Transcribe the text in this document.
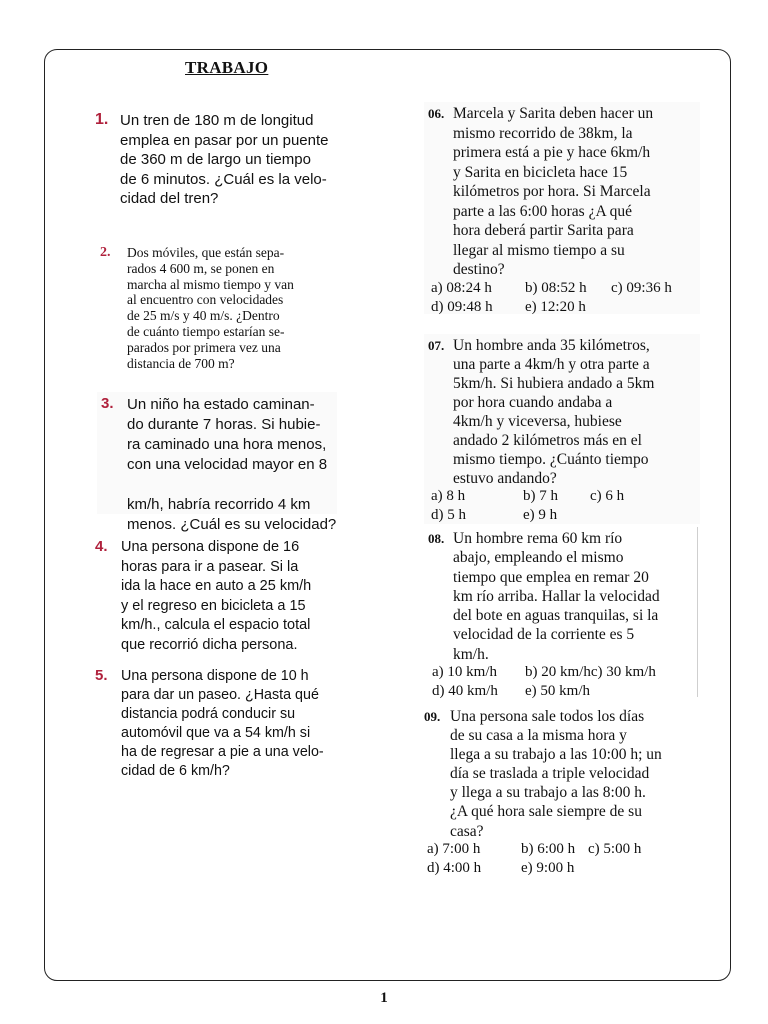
TRABAJO
1. Un tren de 180 m de longitud
emplea en pasar por un puente
de 360 m de largo un tiempo
de 6 minutos. ¿Cuál es la velo-
cidad del tren?

2. Dos móviles, que están sepa-
rados 4 600 m, se ponen en
marcha al mismo tiempo y van
al encuentro con velocidades
de 25 m/s y 40 m/s. ¿Dentro
de cuánto tiempo estarían se-
parados por primera vez una
distancia de 700 m?

3. Un niño ha estado caminan-
do durante 7 horas. Si hubie-
ra caminado una hora menos,
con una velocidad mayor en 8

km/h, habría recorrido 4 km
menos. ¿Cuál es su velocidad?

4. Una persona dispone de 16
horas para ir a pasear. Si la
ida la hace en auto a 25 km/h
y el regreso en bicicleta a 15
km/h., calcula el espacio total
que recorrió dicha persona.

5. Una persona dispone de 10 h
para dar un paseo. ¿Hasta qué
distancia podrá conducir su
automóvil que va a 54 km/h si
ha de regresar a pie a una velo-
cidad de 6 km/h?

06. Marcela y Sarita deben hacer un
mismo recorrido de 38km, la
primera está a pie y hace 6km/h
y Sarita en bicicleta hace 15
kilómetros por hora. Si Marcela
parte a las 6:00 horas ¿A qué
hora deberá partir Sarita para
llegar al mismo tiempo a su
destino?

a) 08:24 h b) 08:52 h c) 09:36 h
d) 09:48 h e) 12:20 h
07. Un hombre anda 35 kilómetros,
una parte a 4km/h y otra parte a
5km/h. Si hubiera andado a 5km
por hora cuando andaba a
4km/h y viceversa, hubiese
andado 2 kilómetros más en el
mismo tiempo. ¿Cuánto tiempo
estuvo andando?

a) 8 h	b) 7 h c) 6 h
d) 5 h	e) 9 h
08. Un hombre rema 60 km río
abajo, empleando el mismo
tiempo que emplea en remar 20
km río arriba. Hallar la velocidad
del bote en aguas tranquilas, si la
velocidad de la corriente es 5
km/h.

a) 10 km/h b) 20 km/hc) 30 km/h
d) 40 km/h e) 50 km/h
09. Una persona sale todos los días
de su casa a la misma hora y
llega a su trabajo a las 10:00 h; un
día se traslada a triple velocidad
y llega a su trabajo a las 8:00 h.
¿A qué hora sale siempre de su
casa?

a) 7:00 h	b) 6:00 h c) 5:00 h
d) 4:00 h	e) 9:00 h
1
